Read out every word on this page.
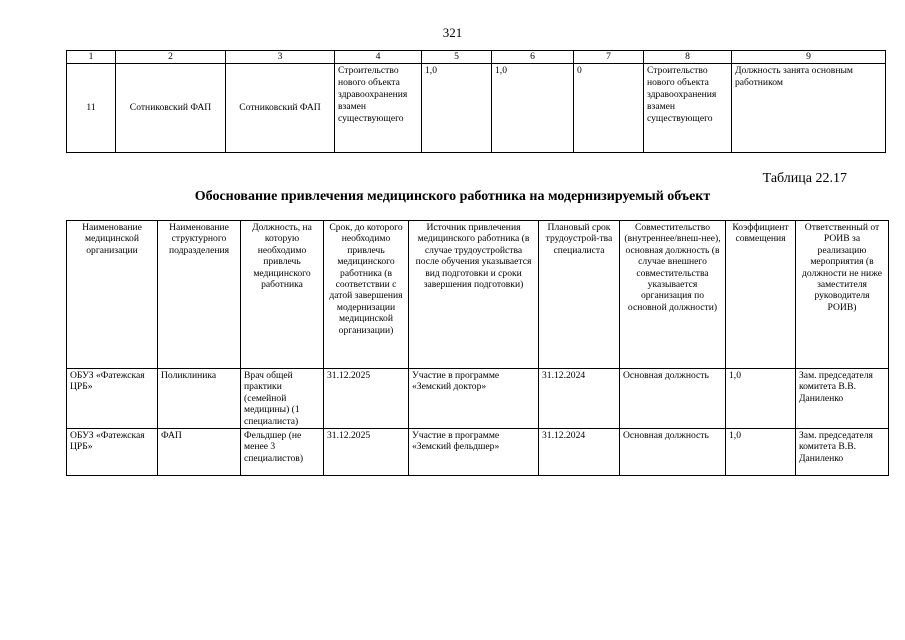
321
1	2	3	4	5	6	7	8	9
11	Сотниковский ФАП	Сотниковский ФАП	Строительство нового объекта здравоохранения взамен существующего	1,0	1,0	0	Строительство нового объекта здравоохранения взамен существующего	Должность занята основным работником
Таблица 22.17
Обоснование привлечения медицинского работника на модернизируемый объект
Наименование медицинской организации	Наименование структурного подразделения	Должность, на которую необходимо привлечь медицинского работника	Срок, до которого необходимо привлечь медицинского работника (в соответствии с датой завершения модернизации медицинской организации)	Источник привлечения медицинского работника (в случае трудоустройства после обучения указывается вид подготовки и сроки завершения подготовки)	Плановый срок трудоустрой-тва специалиста	Совместительство (внутреннее/внеш-нее), основная должность (в случае внешнего совместительства указывается организация по основной должности)	Коэффициент совмещения	Ответственный от РОИВ за реализацию мероприятия (в должности не ниже заместителя руководителя РОИВ)
ОБУЗ «Фатежская ЦРБ»	Поликлиника	Врач общей практики (семейной медицины) (1 специалиста)	31.12.2025	Участие в программе «Земский доктор»	31.12.2024	Основная должность	1,0	Зам. председателя комитета В.В. Даниленко
ОБУЗ «Фатежская ЦРБ»	ФАП	Фельдшер (не менее 3 специалистов)	31.12.2025	Участие в программе «Земский фельдшер»	31.12.2024	Основная должность	1,0	Зам. председателя комитета В.В. Даниленко
